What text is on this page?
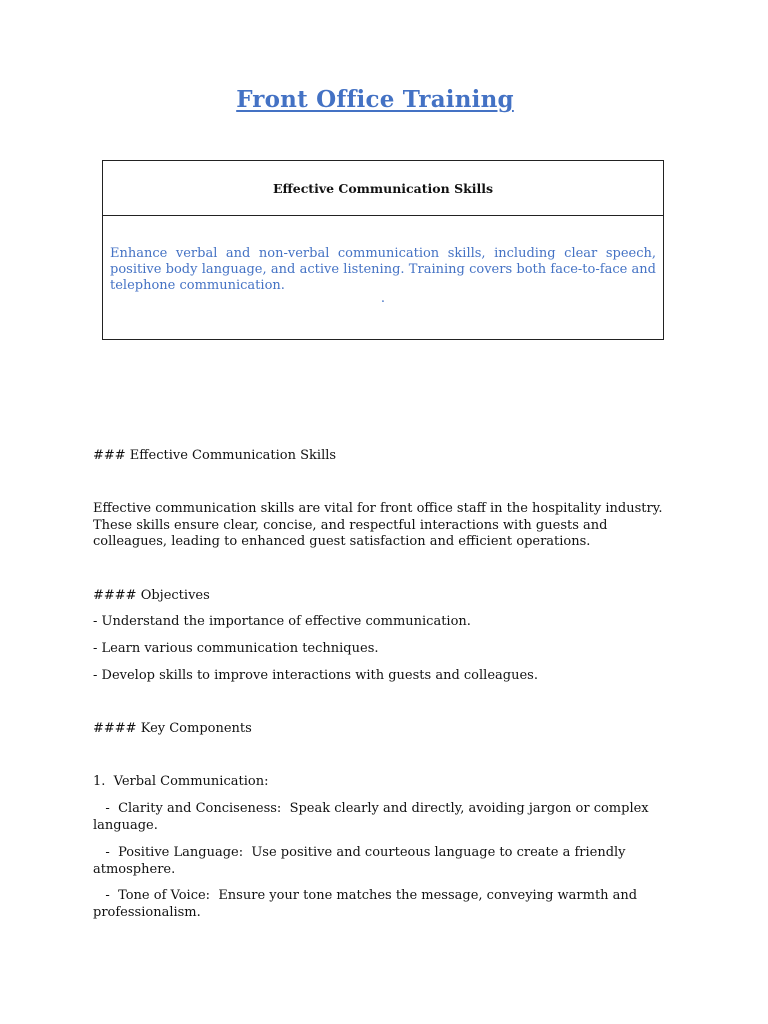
Front Office Training
Effective Communication Skills
Enhance verbal and non-verbal communication skills, including clear speech, positive body language, and active listening. Training covers both face-to-face and telephone communication.
.
### Effective Communication Skills
Effective communication skills are vital for front office staff in the hospitality industry. These skills ensure clear, concise, and respectful interactions with guests and colleagues, leading to enhanced guest satisfaction and efficient operations.
#### Objectives
- Understand the importance of effective communication.
- Learn various communication techniques.
- Develop skills to improve interactions with guests and colleagues.
#### Key Components
1.  Verbal Communication:
-  Clarity and Conciseness:  Speak clearly and directly, avoiding jargon or complex language.
-  Positive Language:  Use positive and courteous language to create a friendly atmosphere.
-  Tone of Voice:  Ensure your tone matches the message, conveying warmth and professionalism.
